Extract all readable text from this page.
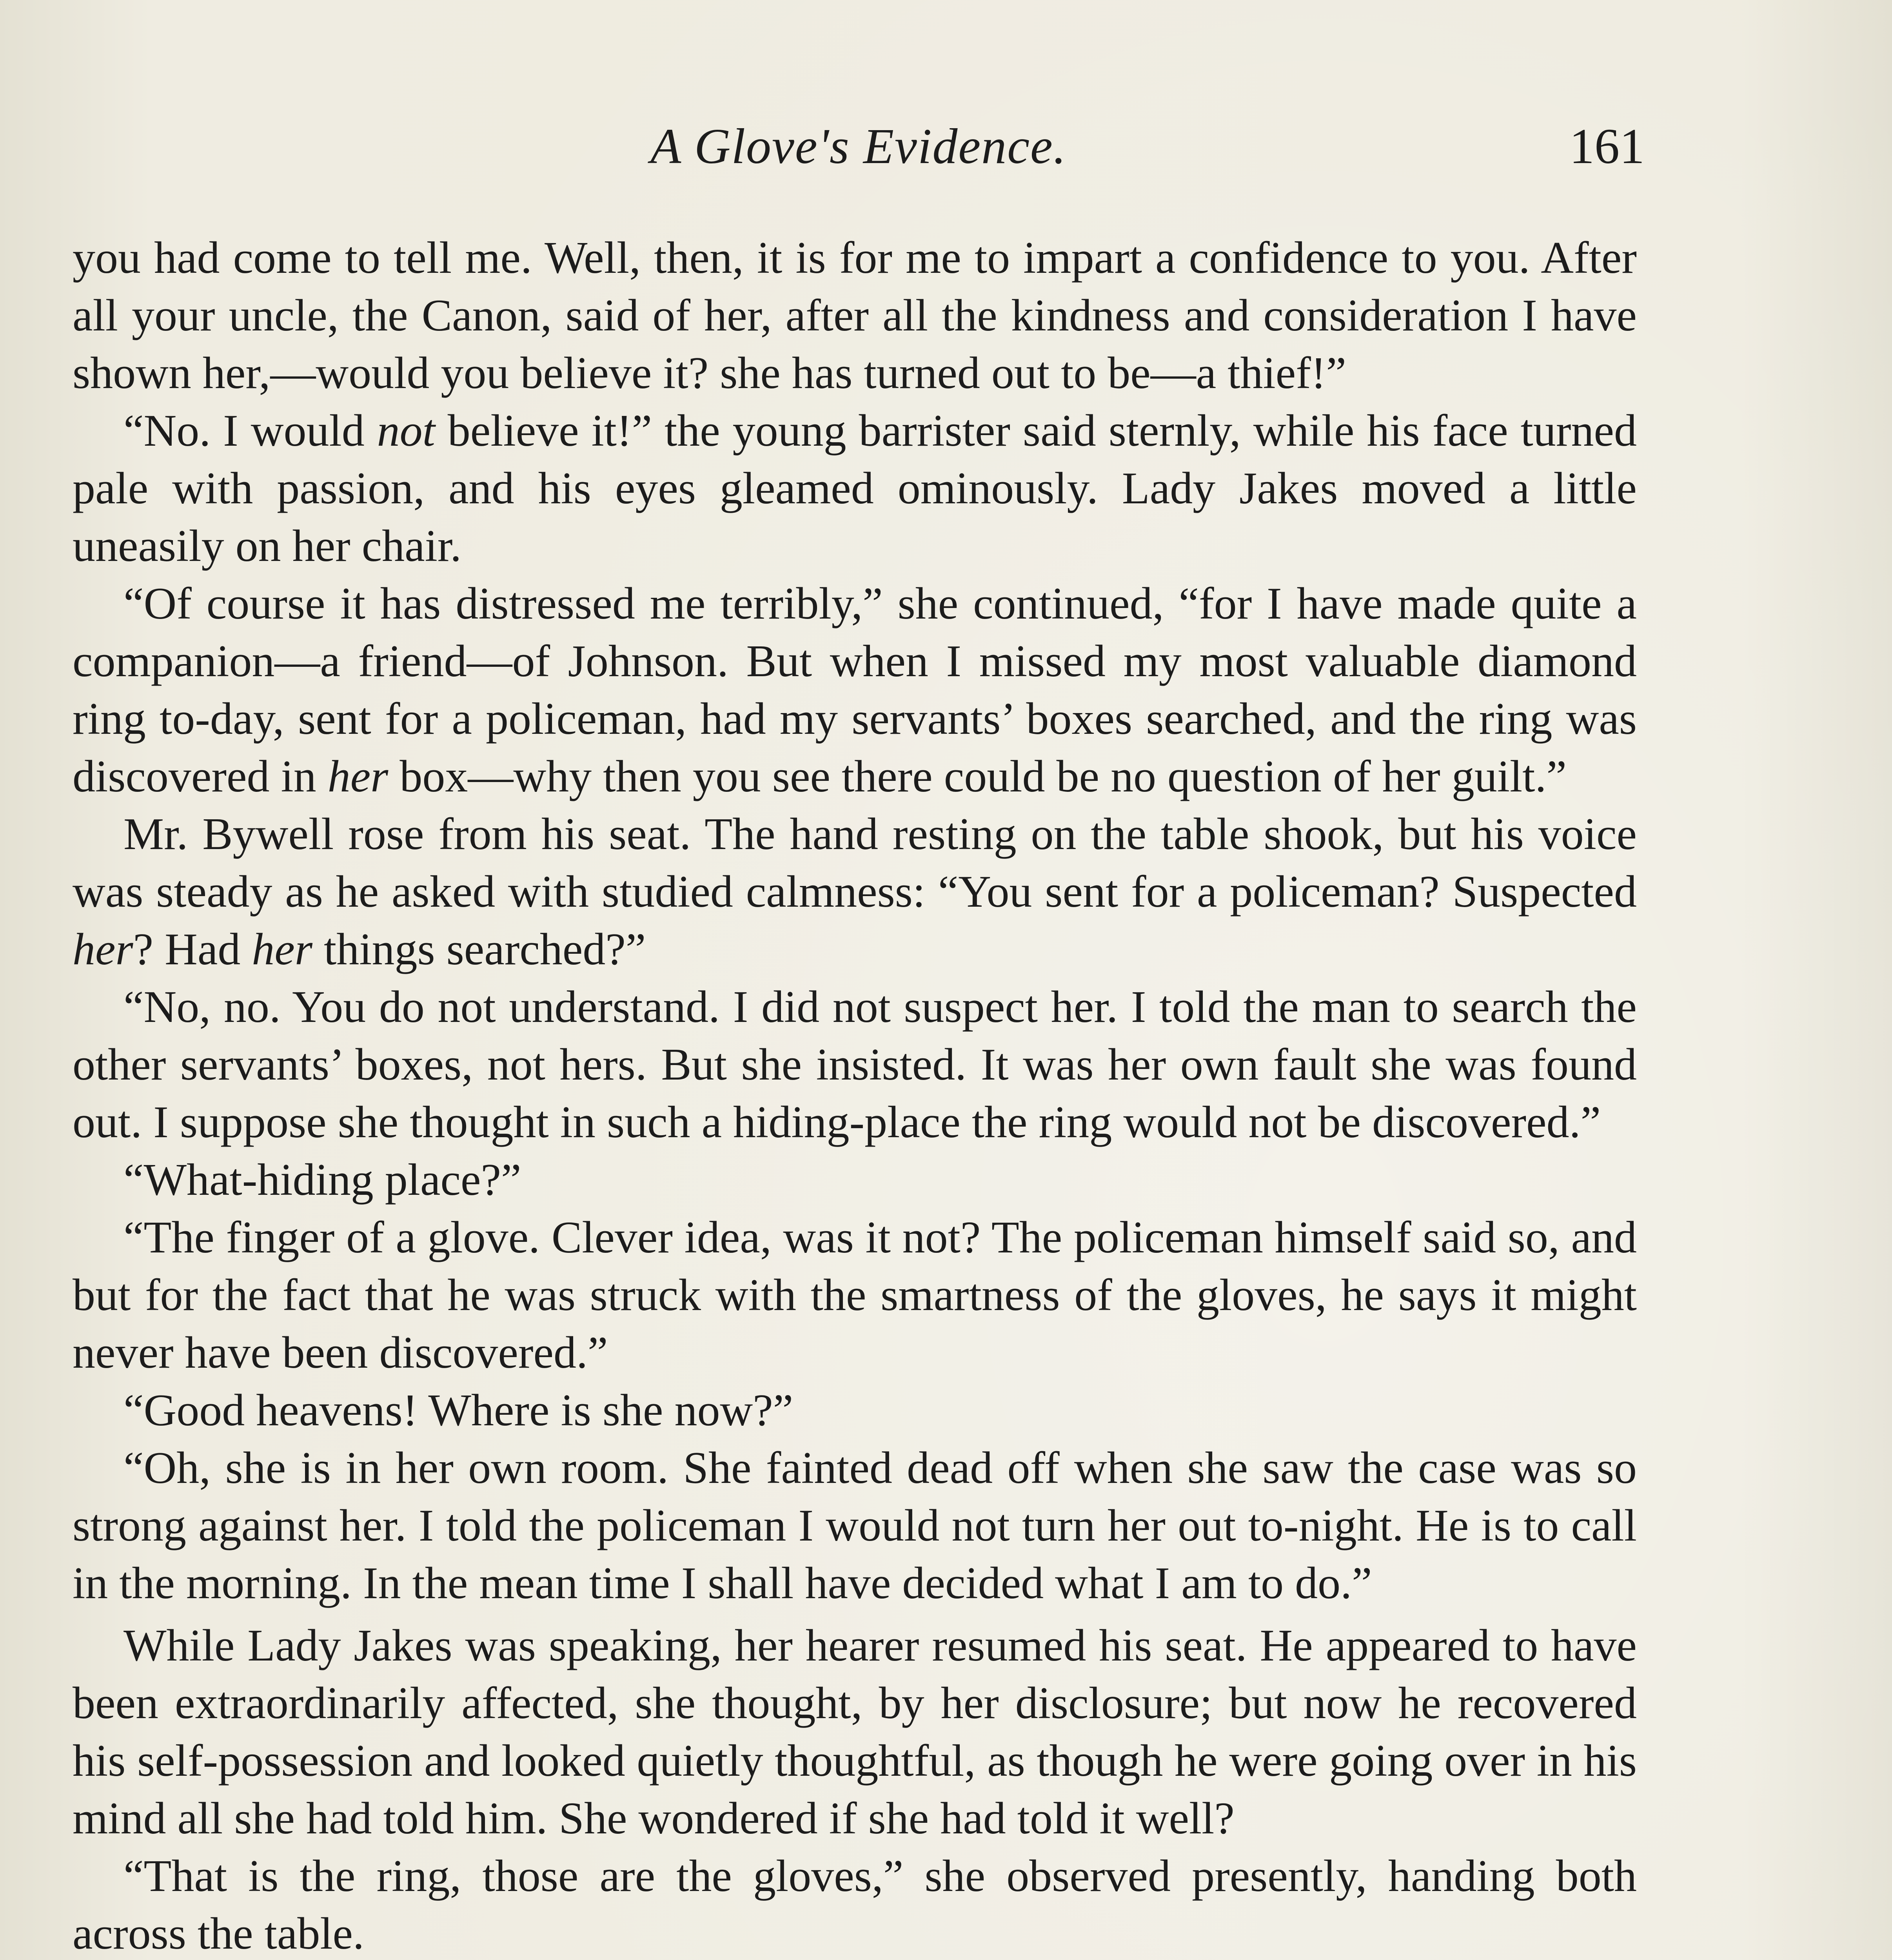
A Glove's Evidence.	161

you had come to tell me. Well, then, it is for me to impart a confidence to you. After all your uncle, the Canon, said of her, after all the kindness and consideration I have shown her,—would you believe it? she has turned out to be—a thief!”

“No. I would not believe it!” the young barrister said sternly, while his face turned pale with passion, and his eyes gleamed ominously. Lady Jakes moved a little uneasily on her chair.

“Of course it has distressed me terribly,” she continued, “for I have made quite a companion—a friend—of Johnson. But when I missed my most valuable diamond ring to-day, sent for a policeman, had my servants’ boxes searched, and the ring was discovered in her box—why then you see there could be no question of her guilt.”

Mr. Bywell rose from his seat. The hand resting on the table shook, but his voice was steady as he asked with studied calmness: “You sent for a policeman? Suspected her? Had her things searched?”

“No, no. You do not understand. I did not suspect her. I told the man to search the other servants’ boxes, not hers. But she insisted. It was her own fault she was found out. I suppose she thought in such a hiding-place the ring would not be discovered.”

“What-hiding place?”

“The finger of a glove. Clever idea, was it not? The policeman himself said so, and but for the fact that he was struck with the smartness of the gloves, he says it might never have been discovered.”

“Good heavens! Where is she now?”

“Oh, she is in her own room. She fainted dead off when she saw the case was so strong against her. I told the policeman I would not turn her out to-night. He is to call in the morning. In the mean time I shall have decided what I am to do.”

While Lady Jakes was speaking, her hearer resumed his seat. He appeared to have been extraordinarily affected, she thought, by her disclosure; but now he recovered his self-possession and looked quietly thoughtful, as though he were going over in his mind all she had told him. She wondered if she had told it well?

“That is the ring, those are the gloves,” she observed presently, handing both across the table.
